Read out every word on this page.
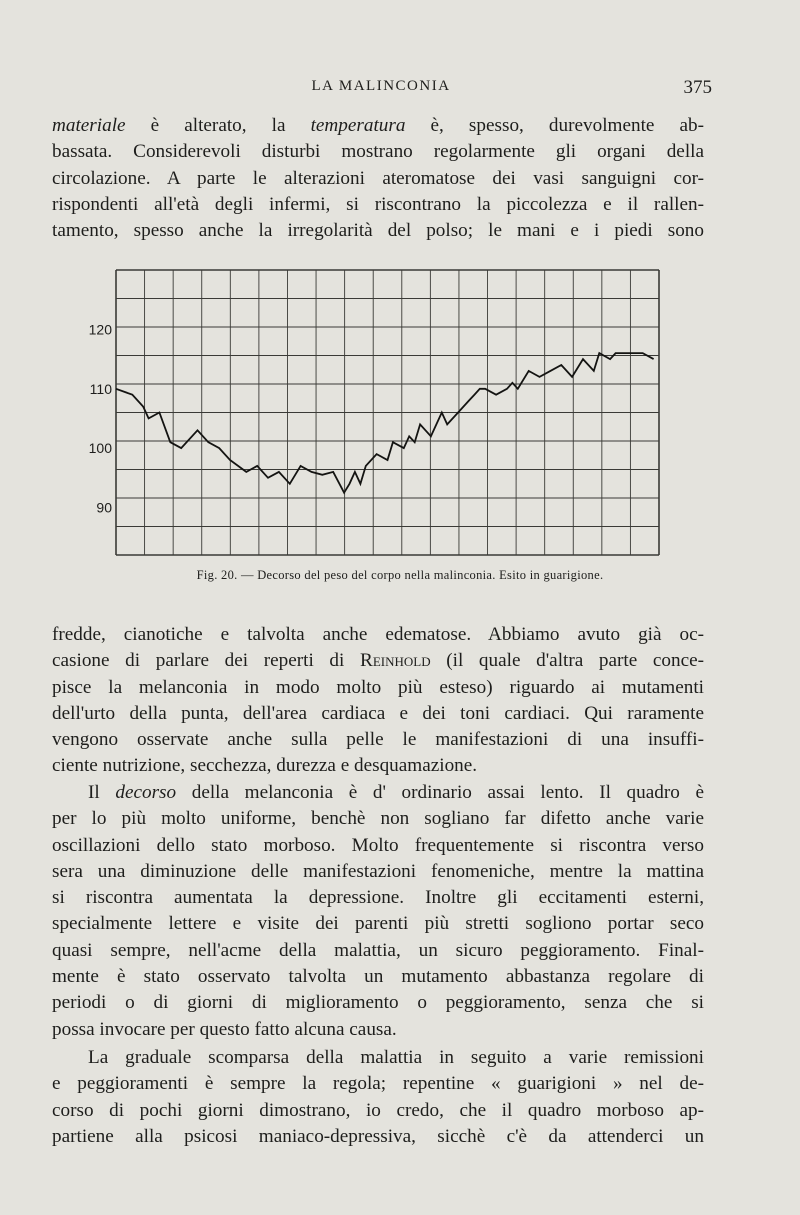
LA MALINCONIA	375
materiale è alterato, la temperatura è, spesso, durevolmente ab-
bassata. Considerevoli disturbi mostrano regolarmente gli organi della
circolazione. A parte le alterazioni ateromatose dei vasi sanguigni cor-
rispondenti all'età degli infermi, si riscontrano la piccolezza e il rallen-
tamento, spesso anche la irregolarità del polso; le mani e i piedi sono
120
110
100
90
Fig. 20. — Decorso del peso del corpo nella malinconia. Esito in guarigione.
fredde, cianotiche e talvolta anche edematose. Abbiamo avuto già oc-
casione di parlare dei reperti di Reinhold (il quale d'altra parte conce-
pisce la melanconia in modo molto più esteso) riguardo ai mutamenti
dell'urto della punta, dell'area cardiaca e dei toni cardiaci. Qui raramente
vengono osservate anche sulla pelle le manifestazioni di una insuffi-
ciente nutrizione, secchezza, durezza e desquamazione.
Il decorso della melanconia è d' ordinario assai lento. Il quadro è
per lo più molto uniforme, benchè non sogliano far difetto anche varie
oscillazioni dello stato morboso. Molto frequentemente si riscontra verso
sera una diminuzione delle manifestazioni fenomeniche, mentre la mattina
si riscontra aumentata la depressione. Inoltre gli eccitamenti esterni,
specialmente lettere e visite dei parenti più stretti sogliono portar seco
quasi sempre, nell'acme della malattia, un sicuro peggioramento. Final-
mente è stato osservato talvolta un mutamento abbastanza regolare di
periodi o di giorni di miglioramento o peggioramento, senza che si
possa invocare per questo fatto alcuna causa.
La graduale scomparsa della malattia in seguito a varie remissioni
e peggioramenti è sempre la regola; repentine « guarigioni » nel de-
corso di pochi giorni dimostrano, io credo, che il quadro morboso ap-
partiene alla psicosi maniaco-depressiva, sicchè c'è da attenderci un
